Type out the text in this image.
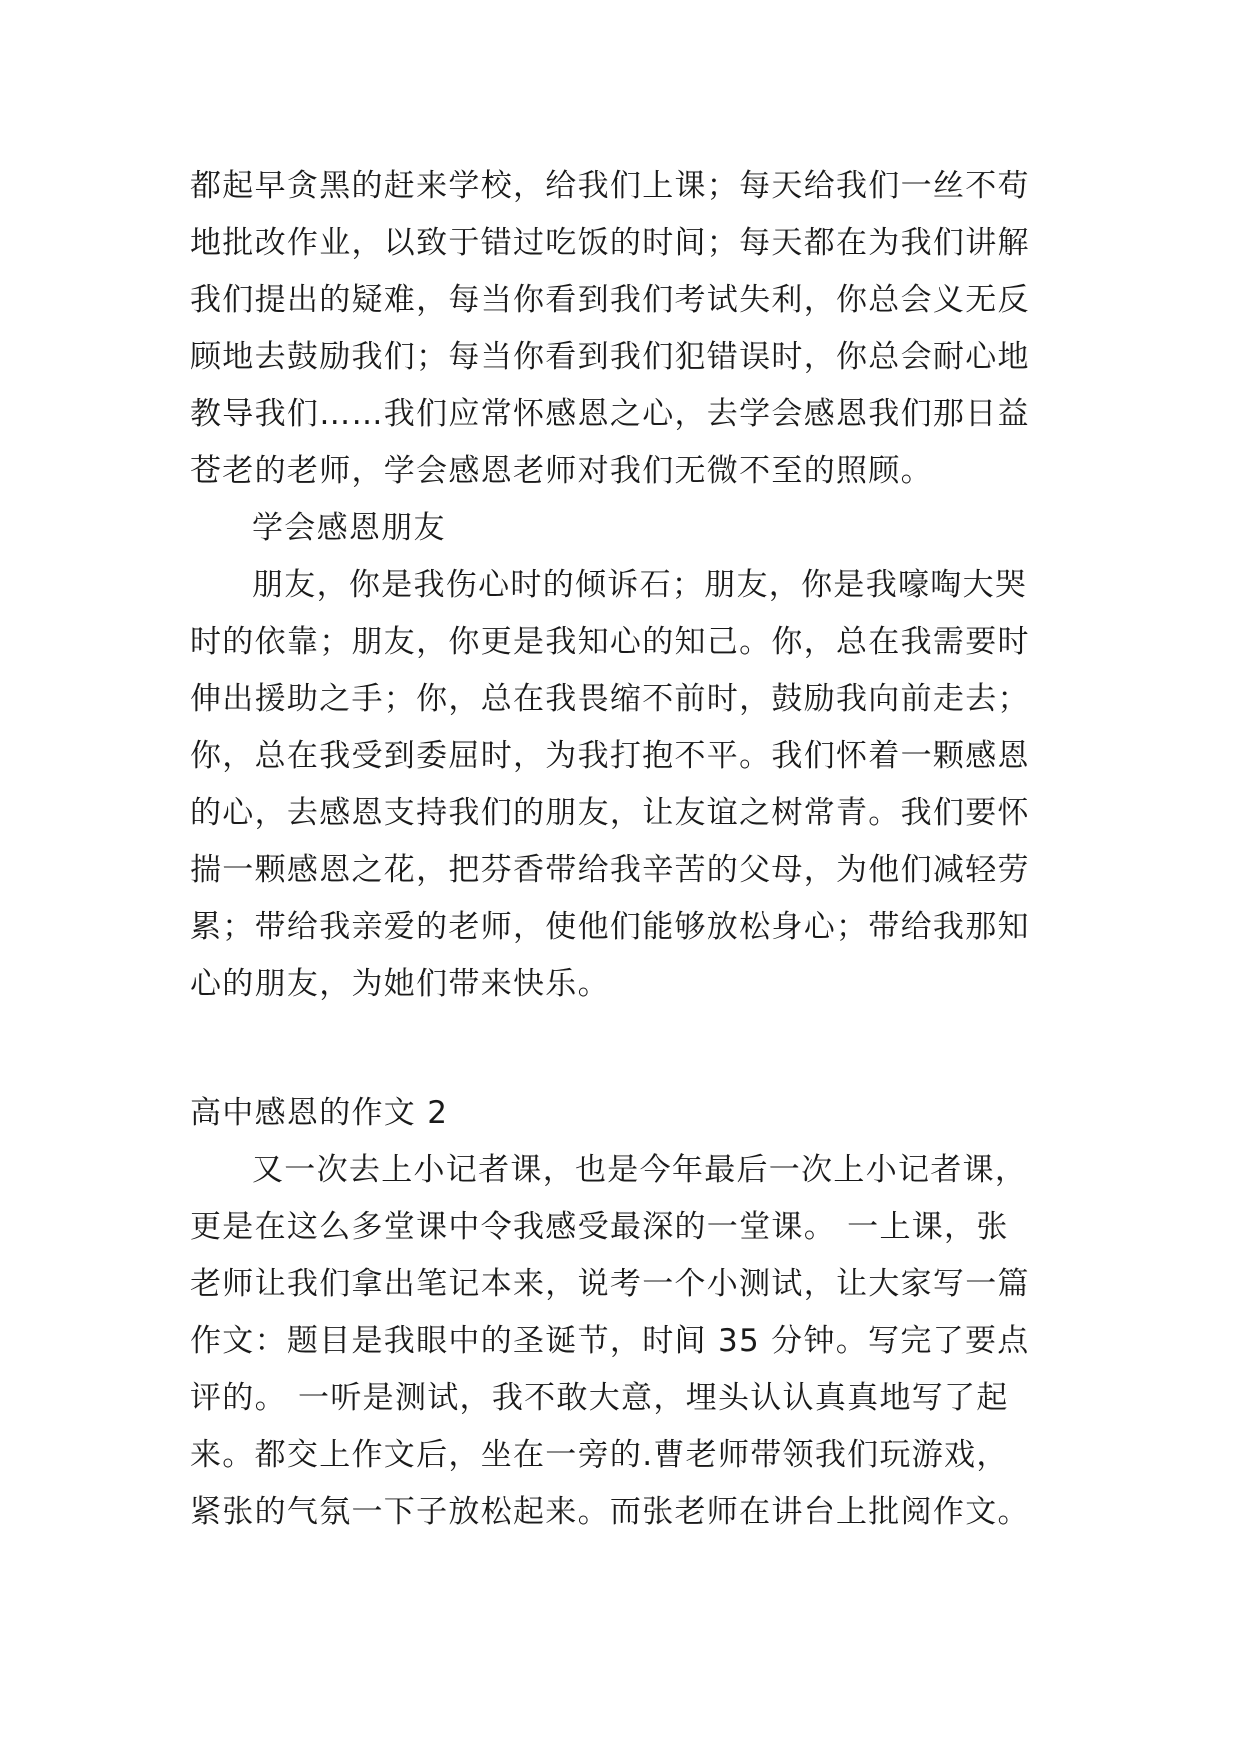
都起早贪黑的赶来学校，给我们上课；每天给我们一丝不苟
地批改作业，以致于错过吃饭的时间；每天都在为我们讲解
我们提出的疑难，每当你看到我们考试失利，你总会义无反
顾地去鼓励我们；每当你看到我们犯错误时，你总会耐心地
教导我们……我们应常怀感恩之心，去学会感恩我们那日益
苍老的老师，学会感恩老师对我们无微不至的照顾。
学会感恩朋友
朋友，你是我伤心时的倾诉石；朋友，你是我嚎啕大哭
时的依靠；朋友，你更是我知心的知己。你，总在我需要时
伸出援助之手；你，总在我畏缩不前时，鼓励我向前走去；
你，总在我受到委屈时，为我打抱不平。我们怀着一颗感恩
的心，去感恩支持我们的朋友，让友谊之树常青。我们要怀
揣一颗感恩之花，把芬香带给我辛苦的父母，为他们减轻劳
累；带给我亲爱的老师，使他们能够放松身心；带给我那知
心的朋友，为她们带来快乐。
高中感恩的作文 2
又一次去上小记者课，也是今年最后一次上小记者课，
更是在这么多堂课中令我感受最深的一堂课。 一上课，张
老师让我们拿出笔记本来，说考一个小测试，让大家写一篇
作文：题目是我眼中的圣诞节，时间 35 分钟。写完了要点
评的。 一听是测试，我不敢大意，埋头认认真真地写了起
来。都交上作文后，坐在一旁的.曹老师带领我们玩游戏，
紧张的气氛一下子放松起来。而张老师在讲台上批阅作文。
